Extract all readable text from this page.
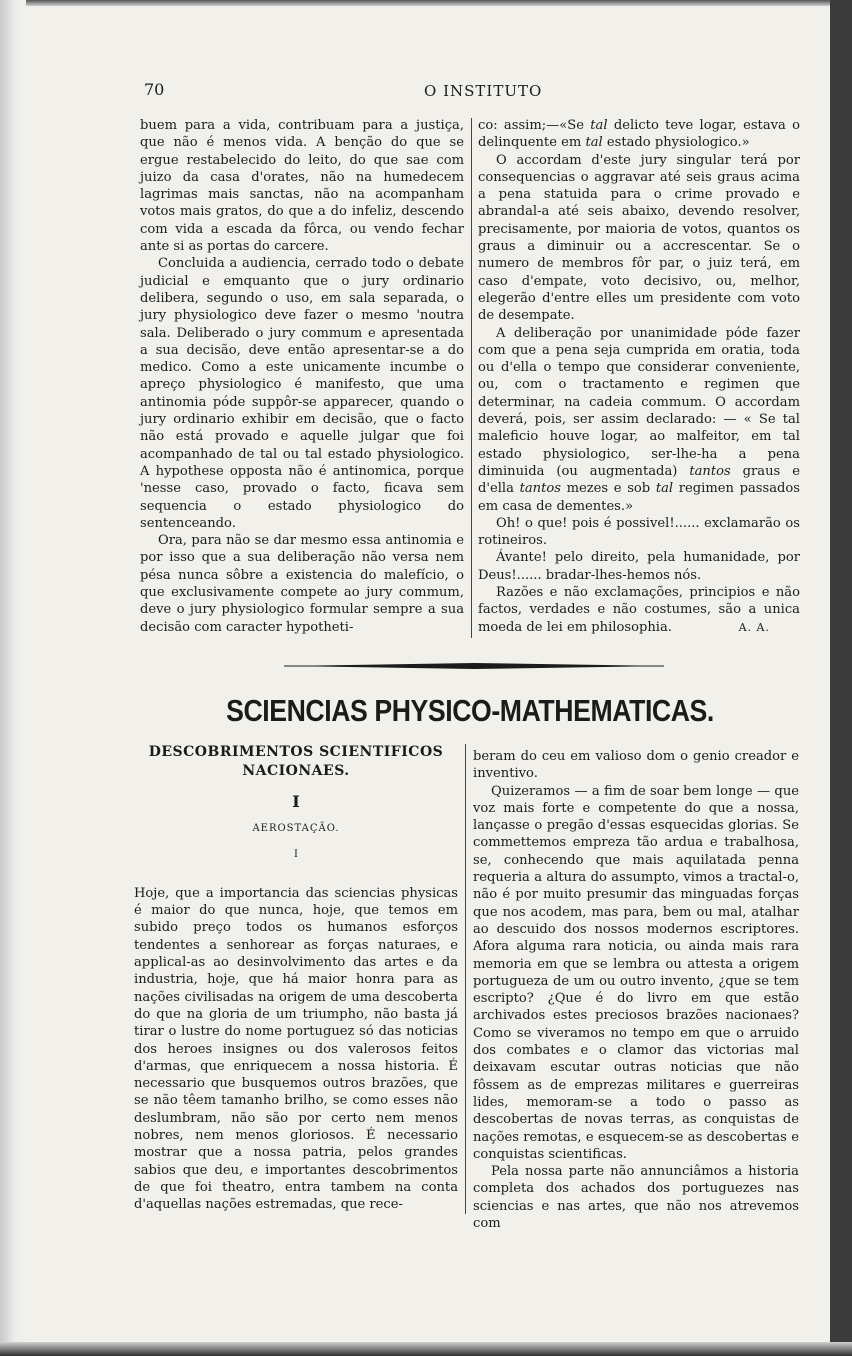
70	O INSTITUTO

buem para a vida, contribuam para a justiça, que não é menos vida. A benção do que se ergue restabelecido do leito, do que sae com juizo da casa d'orates, não na humedecem lagrimas mais sanctas, não na acompanham votos mais gratos, do que a do infeliz, descendo com vida a escada da fôrca, ou vendo fechar ante si as portas do carcere.

Concluida a audiencia, cerrado todo o debate judicial e emquanto que o jury ordinario delibera, segundo o uso, em sala separada, o jury physiologico deve fazer o mesmo 'noutra sala. Deliberado o jury commum e apresentada a sua decisão, deve então apresentar-se a do medico. Como a este unicamente incumbe o apreço physiologico é manifesto, que uma antinomia póde suppôr-se apparecer, quando o jury ordinario exhibir em decisão, que o facto não está provado e aquelle julgar que foi acompanhado de tal ou tal estado physiologico. A hypothese opposta não é antinomica, porque 'nesse caso, provado o facto, ficava sem sequencia o estado physiologico do sentenceando.

Ora, para não se dar mesmo essa antinomia e por isso que a sua deliberação não versa nem pésa nunca sôbre a existencia do malefício, o que exclusivamente compete ao jury commum, deve o jury physiologico formular sempre a sua decisão com caracter hypotheti-

co: assim;—«Se tal delicto teve logar, estava o delinquente em tal estado physiologico.»

O accordam d'este jury singular terá por consequencias o aggravar até seis graus acima a pena statuida para o crime provado e abrandal-a até seis abaixo, devendo resolver, precisamente, por maioria de votos, quantos os graus a diminuir ou a accrescentar. Se o numero de membros fôr par, o juiz terá, em caso d'empate, voto decisivo, ou, melhor, elegerão d'entre elles um presidente com voto de desempate.

A deliberação por unanimidade póde fazer com que a pena seja cumprida em oratia, toda ou d'ella o tempo que considerar conveniente, ou, com o tractamento e regimen que determinar, na cadeia commum. O accordam deverá, pois, ser assim declarado: — « Se tal maleficio houve logar, ao malfeitor, em tal estado physiologico, ser-lhe-ha a pena diminuida (ou augmentada) tantos graus e d'ella tantos mezes e sob tal regimen passados em casa de dementes.»

Oh! o que! pois é possivel!...... exclamarão os rotineiros.

Ávante! pelo direito, pela humanidade, por Deus!...... bradar-lhes-hemos nós.

Razões e não exclamações, principios e não factos, verdades e não costumes, são a unica moeda de lei em philosophia.	A. A.

SCIENCIAS PHYSICO-MATHEMATICAS.
DESCOBRIMENTOS SCIENTIFICOS NACIONAES.
I
AEROSTAÇÃO.
I

Hoje, que a importancia das sciencias physicas é maior do que nunca, hoje, que temos em subido preço todos os humanos esforços tendentes a senhorear as forças naturaes, e applical-as ao desinvolvimento das artes e da industria, hoje, que há maior honra para as nações civilisadas na origem de uma descoberta do que na gloria de um triumpho, não basta já tirar o lustre do nome portuguez só das noticias dos heroes insignes ou dos valerosos feitos d'armas, que enriquecem a nossa historia. É necessario que busquemos outros brazões, que se não têem tamanho brilho, se como esses não deslumbram, não são por certo nem menos nobres, nem menos gloriosos. É necessario mostrar que a nossa patria, pelos grandes sabios que deu, e importantes descobrimentos de que foi theatro, entra tambem na conta d'aquellas nações estremadas, que rece-

beram do ceu em valioso dom o genio creador e inventivo.

Quizeramos — a fim de soar bem longe — que voz mais forte e competente do que a nossa, lançasse o pregão d'essas esquecidas glorias. Se commettemos empreza tão ardua e trabalhosa, se, conhecendo que mais aquilatada penna requeria a altura do assumpto, vimos a tractal-o, não é por muito presumir das minguadas forças que nos acodem, mas para, bem ou mal, atalhar ao descuido dos nossos modernos escriptores. Afora alguma rara noticia, ou ainda mais rara memoria em que se lembra ou attesta a origem portugueza de um ou outro invento, ¿que se tem escripto? ¿Que é do livro em que estão archivados estes preciosos brazões nacionaes? Como se viveramos no tempo em que o arruido dos combates e o clamor das victorias mal deixavam escutar outras noticias que não fôssem as de emprezas militares e guerreiras lides, memoram-se a todo o passo as descobertas de novas terras, as conquistas de nações remotas, e esquecem-se as descobertas e conquistas scientificas.

Pela nossa parte não annunciâmos a historia completa dos achados dos portuguezes nas sciencias e nas artes, que não nos atrevemos com
